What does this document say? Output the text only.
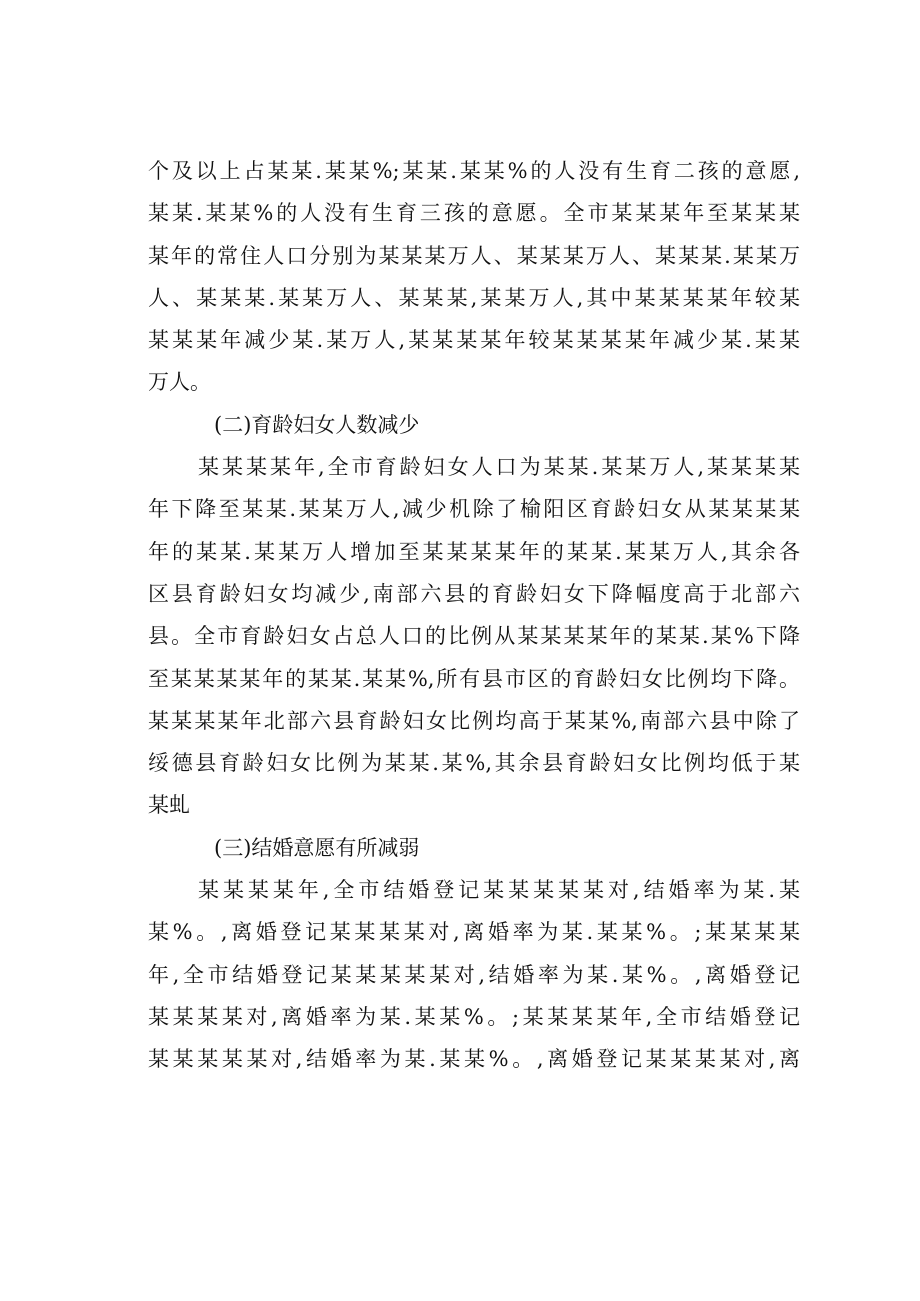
个及以上占某某.某某%;某某.某某%的人没有生育二孩的意愿,
某某.某某%的人没有生育三孩的意愿。全市某某某年至某某某
某年的常住人口分别为某某某万人、某某某万人、某某某.某某万
人、某某某.某某万人、某某某,某某万人,其中某某某某年较某
某某某年减少某.某万人,某某某某年较某某某某年减少某.某某
万人。
(二)育龄妇女人数减少
某某某某年,全市育龄妇女人口为某某.某某万人,某某某某
年下降至某某.某某万人,减少机除了榆阳区育龄妇女从某某某某
年的某某.某某万人增加至某某某某年的某某.某某万人,其余各
区县育龄妇女均减少,南部六县的育龄妇女下降幅度高于北部六
县。全市育龄妇女占总人口的比例从某某某某年的某某.某%下降
至某某某某年的某某.某某%,所有县市区的育龄妇女比例均下降。
某某某某年北部六县育龄妇女比例均高于某某%,南部六县中除了
绥德县育龄妇女比例为某某.某%,其余县育龄妇女比例均低于某
某虬
(三)结婚意愿有所减弱
某某某某年,全市结婚登记某某某某某对,结婚率为某.某
某%。,离婚登记某某某某对,离婚率为某.某某%。;某某某某
年,全市结婚登记某某某某某对,结婚率为某.某%。,离婚登记
某某某某对,离婚率为某.某某%。;某某某某年,全市结婚登记
某某某某某对,结婚率为某.某某%。,离婚登记某某某某对,离
